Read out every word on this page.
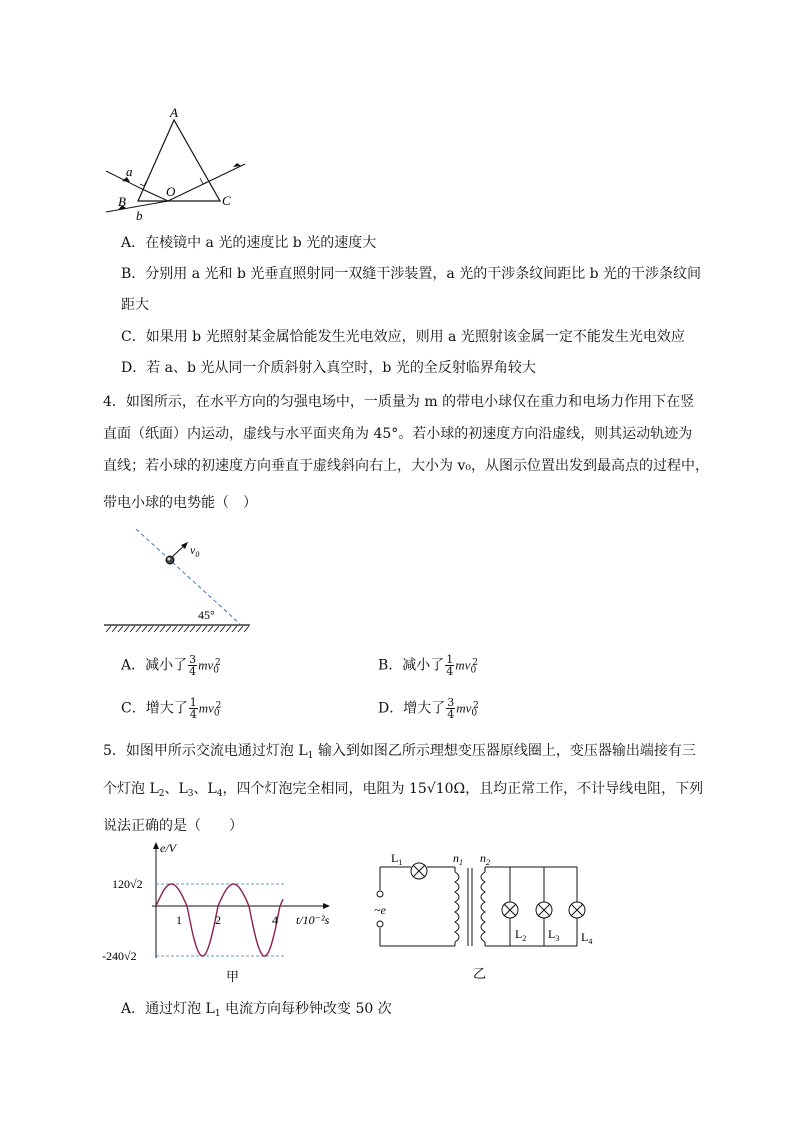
A
B	C
O
a
b
A．在棱镜中 a 光的速度比 b 光的速度大
B．分别用 a 光和 b 光垂直照射同一双缝干涉装置，a 光的干涉条纹间距比 b 光的干涉条纹间
距大
C．如果用 b 光照射某金属恰能发生光电效应，则用 a 光照射该金属一定不能发生光电效应
D．若 a、b 光从同一介质斜射入真空时，b 光的全反射临界角较大
4．如图所示，在水平方向的匀强电场中，一质量为 m 的带电小球仅在重力和电场力作用下在竖
直面（纸面）内运动，虚线与水平面夹角为 45°。若小球的初速度方向沿虚线，则其运动轨迹为
直线；若小球的初速度方向垂直于虚线斜向右上，大小为 v₀，从图示位置出发到最高点的过程中，
带电小球的电势能（　）
$v_0$
45°
A．减小了 $\frac{3}{4} mv_0^2$	B．减小了 $\frac{1}{4} mv_0^2$
C．增大了 $\frac{1}{4} mv_0^2$	D．增大了 $\frac{3}{4} mv_0^2$
5．如图甲所示交流电通过灯泡 $L_1$ 输入到如图乙所示理想变压器原线圈上，变压器输出端接有三
个灯泡 $L_2$、$L_3$、$L_4$，四个灯泡完全相同，电阻为 15√10Ω，且均正常工作，不计导线电阻，下列
说法正确的是（　　）
e/V
120√2
-240√2
1	2	4 t/10⁻²s
甲
$L_1$	$n_1$ $n_2$
~e
$L_2$ $L_3$ $L_4$
乙
A．通过灯泡 $L_1$ 电流方向每秒钟改变 50 次
